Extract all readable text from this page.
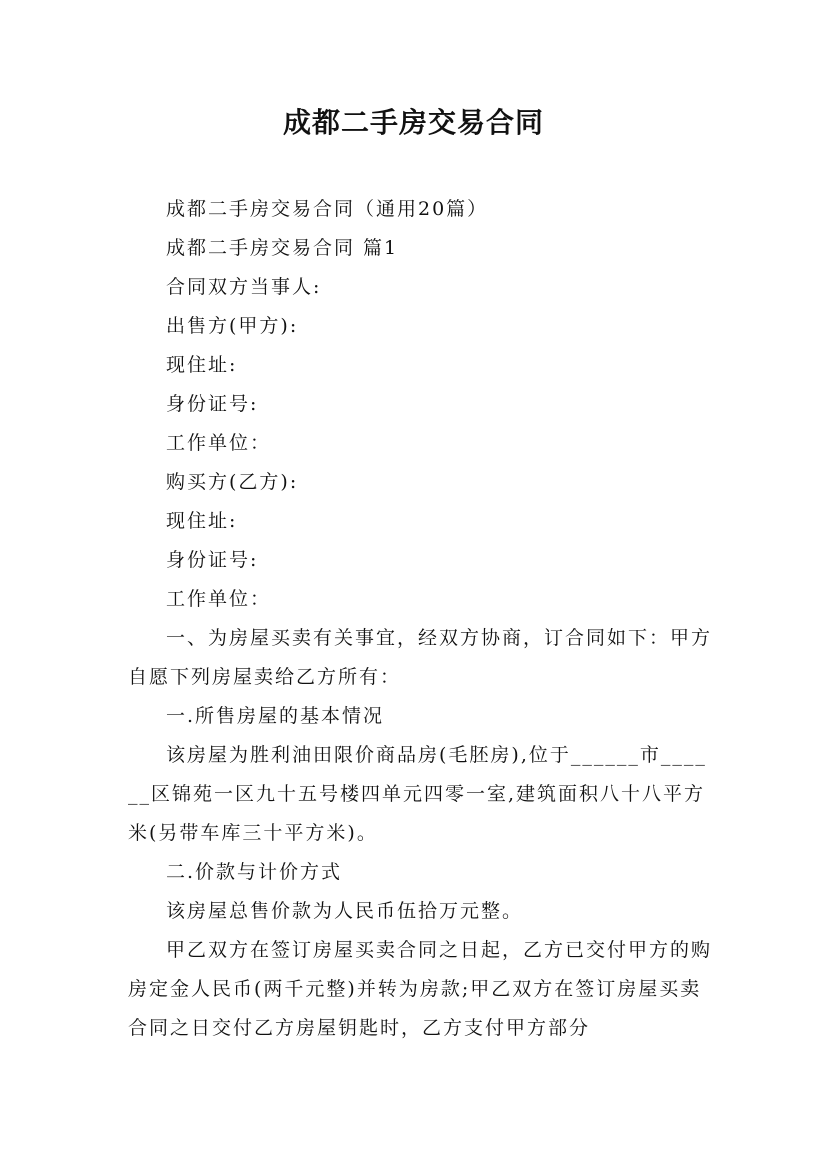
成都二手房交易合同

成都二手房交易合同（通用20篇）

成都二手房交易合同 篇1

合同双方当事人:

出售方(甲方):

现住址:

身份证号:

工作单位：

购买方(乙方):

现住址:

身份证号:

工作单位：

一、为房屋买卖有关事宜，经双方协商，订合同如下：甲方自愿下列房屋卖给乙方所有：

一.所售房屋的基本情况

该房屋为胜利油田限价商品房(毛胚房),位于______市______区锦苑一区九十五号楼四单元四零一室,建筑面积八十八平方米(另带车库三十平方米)。

二.价款与计价方式

该房屋总售价款为人民币伍拾万元整。

甲乙双方在签订房屋买卖合同之日起，乙方已交付甲方的购房定金人民币(两千元整)并转为房款;甲乙双方在签订房屋买卖合同之日交付乙方房屋钥匙时，乙方支付甲方部分
